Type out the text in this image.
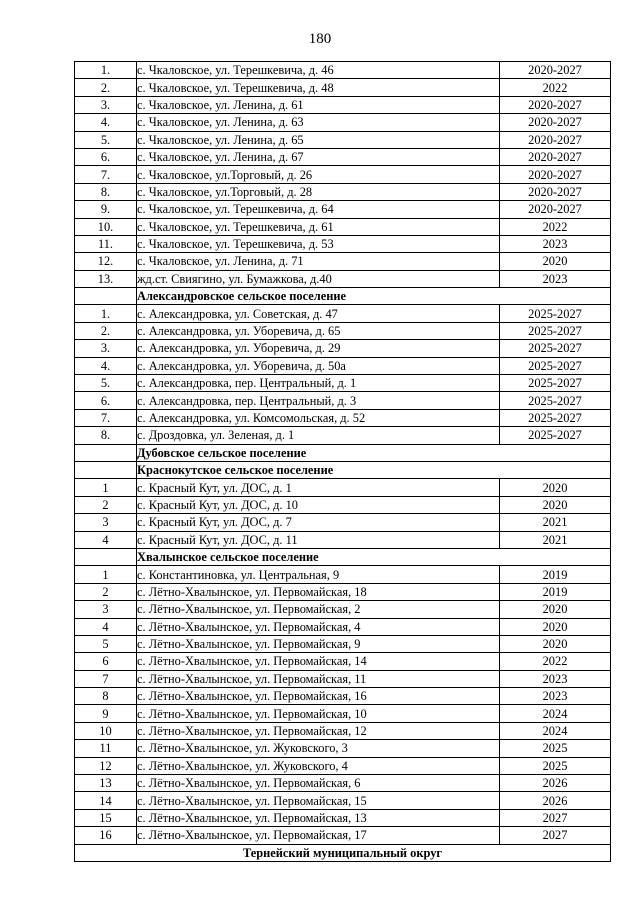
180
1.	с. Чкаловское, ул. Терешкевича, д. 46	2020-2027
2.	с. Чкаловское, ул. Терешкевича, д. 48	2022
3.	с. Чкаловское, ул. Ленина, д. 61	2020-2027
4.	с. Чкаловское, ул. Ленина, д. 63	2020-2027
5.	с. Чкаловское, ул. Ленина, д. 65	2020-2027
6.	с. Чкаловское, ул. Ленина, д. 67	2020-2027
7.	с. Чкаловское, ул.Торговый, д. 26	2020-2027
8.	с. Чкаловское, ул.Торговый, д. 28	2020-2027
9.	с. Чкаловское, ул. Терешкевича, д. 64	2020-2027
10.	с. Чкаловское, ул. Терешкевича, д. 61	2022
11.	с. Чкаловское, ул. Терешкевича, д. 53	2023
12.	с. Чкаловское, ул. Ленина, д. 71	2020
13.	жд.ст. Свиягино, ул. Бумажкова, д.40	2023
	Александровское сельское поселение	
1.	с. Александровка, ул. Советская, д. 47	2025-2027
2.	с. Александровка, ул. Уборевича, д. 65	2025-2027
3.	с. Александровка, ул. Уборевича, д. 29	2025-2027
4.	с. Александровка, ул. Уборевича, д. 50а	2025-2027
5.	с. Александровка, пер. Центральный, д. 1	2025-2027
6.	с. Александровка, пер. Центральный, д. 3	2025-2027
7.	с. Александровка, ул. Комсомольская, д. 52	2025-2027
8.	с. Дроздовка, ул. Зеленая, д. 1	2025-2027
	Дубовское сельское поселение	
	Краснокутское сельское поселение	
1	с. Красный Кут, ул. ДОС, д. 1	2020
2	с. Красный Кут, ул. ДОС, д. 10	2020
3	с. Красный Кут, ул. ДОС, д. 7	2021
4	с. Красный Кут, ул. ДОС, д. 11	2021
	Хвалынское сельское поселение	
1	с. Константиновка, ул. Центральная, 9	2019
2	с. Лётно-Хвалынское, ул. Первомайская, 18	2019
3	с. Лётно-Хвалынское, ул. Первомайская, 2	2020
4	с. Лётно-Хвалынское, ул. Первомайская, 4	2020
5	с. Лётно-Хвалынское, ул. Первомайская, 9	2020
6	с. Лётно-Хвалынское, ул. Первомайская, 14	2022
7	с. Лётно-Хвалынское, ул. Первомайская, 11	2023
8	с. Лётно-Хвалынское, ул. Первомайская, 16	2023
9	с. Лётно-Хвалынское, ул. Первомайская, 10	2024
10	с. Лётно-Хвалынское, ул. Первомайская, 12	2024
11	с. Лётно-Хвалынское, ул. Жуковского, 3	2025
12	с. Лётно-Хвалынское, ул. Жуковского, 4	2025
13	с. Лётно-Хвалынское, ул. Первомайская, 6	2026
14	с. Лётно-Хвалынское, ул. Первомайская, 15	2026
15	с. Лётно-Хвалынское, ул. Первомайская, 13	2027
16	с. Лётно-Хвалынское, ул. Первомайская, 17	2027
Тернейский муниципальный округ		
